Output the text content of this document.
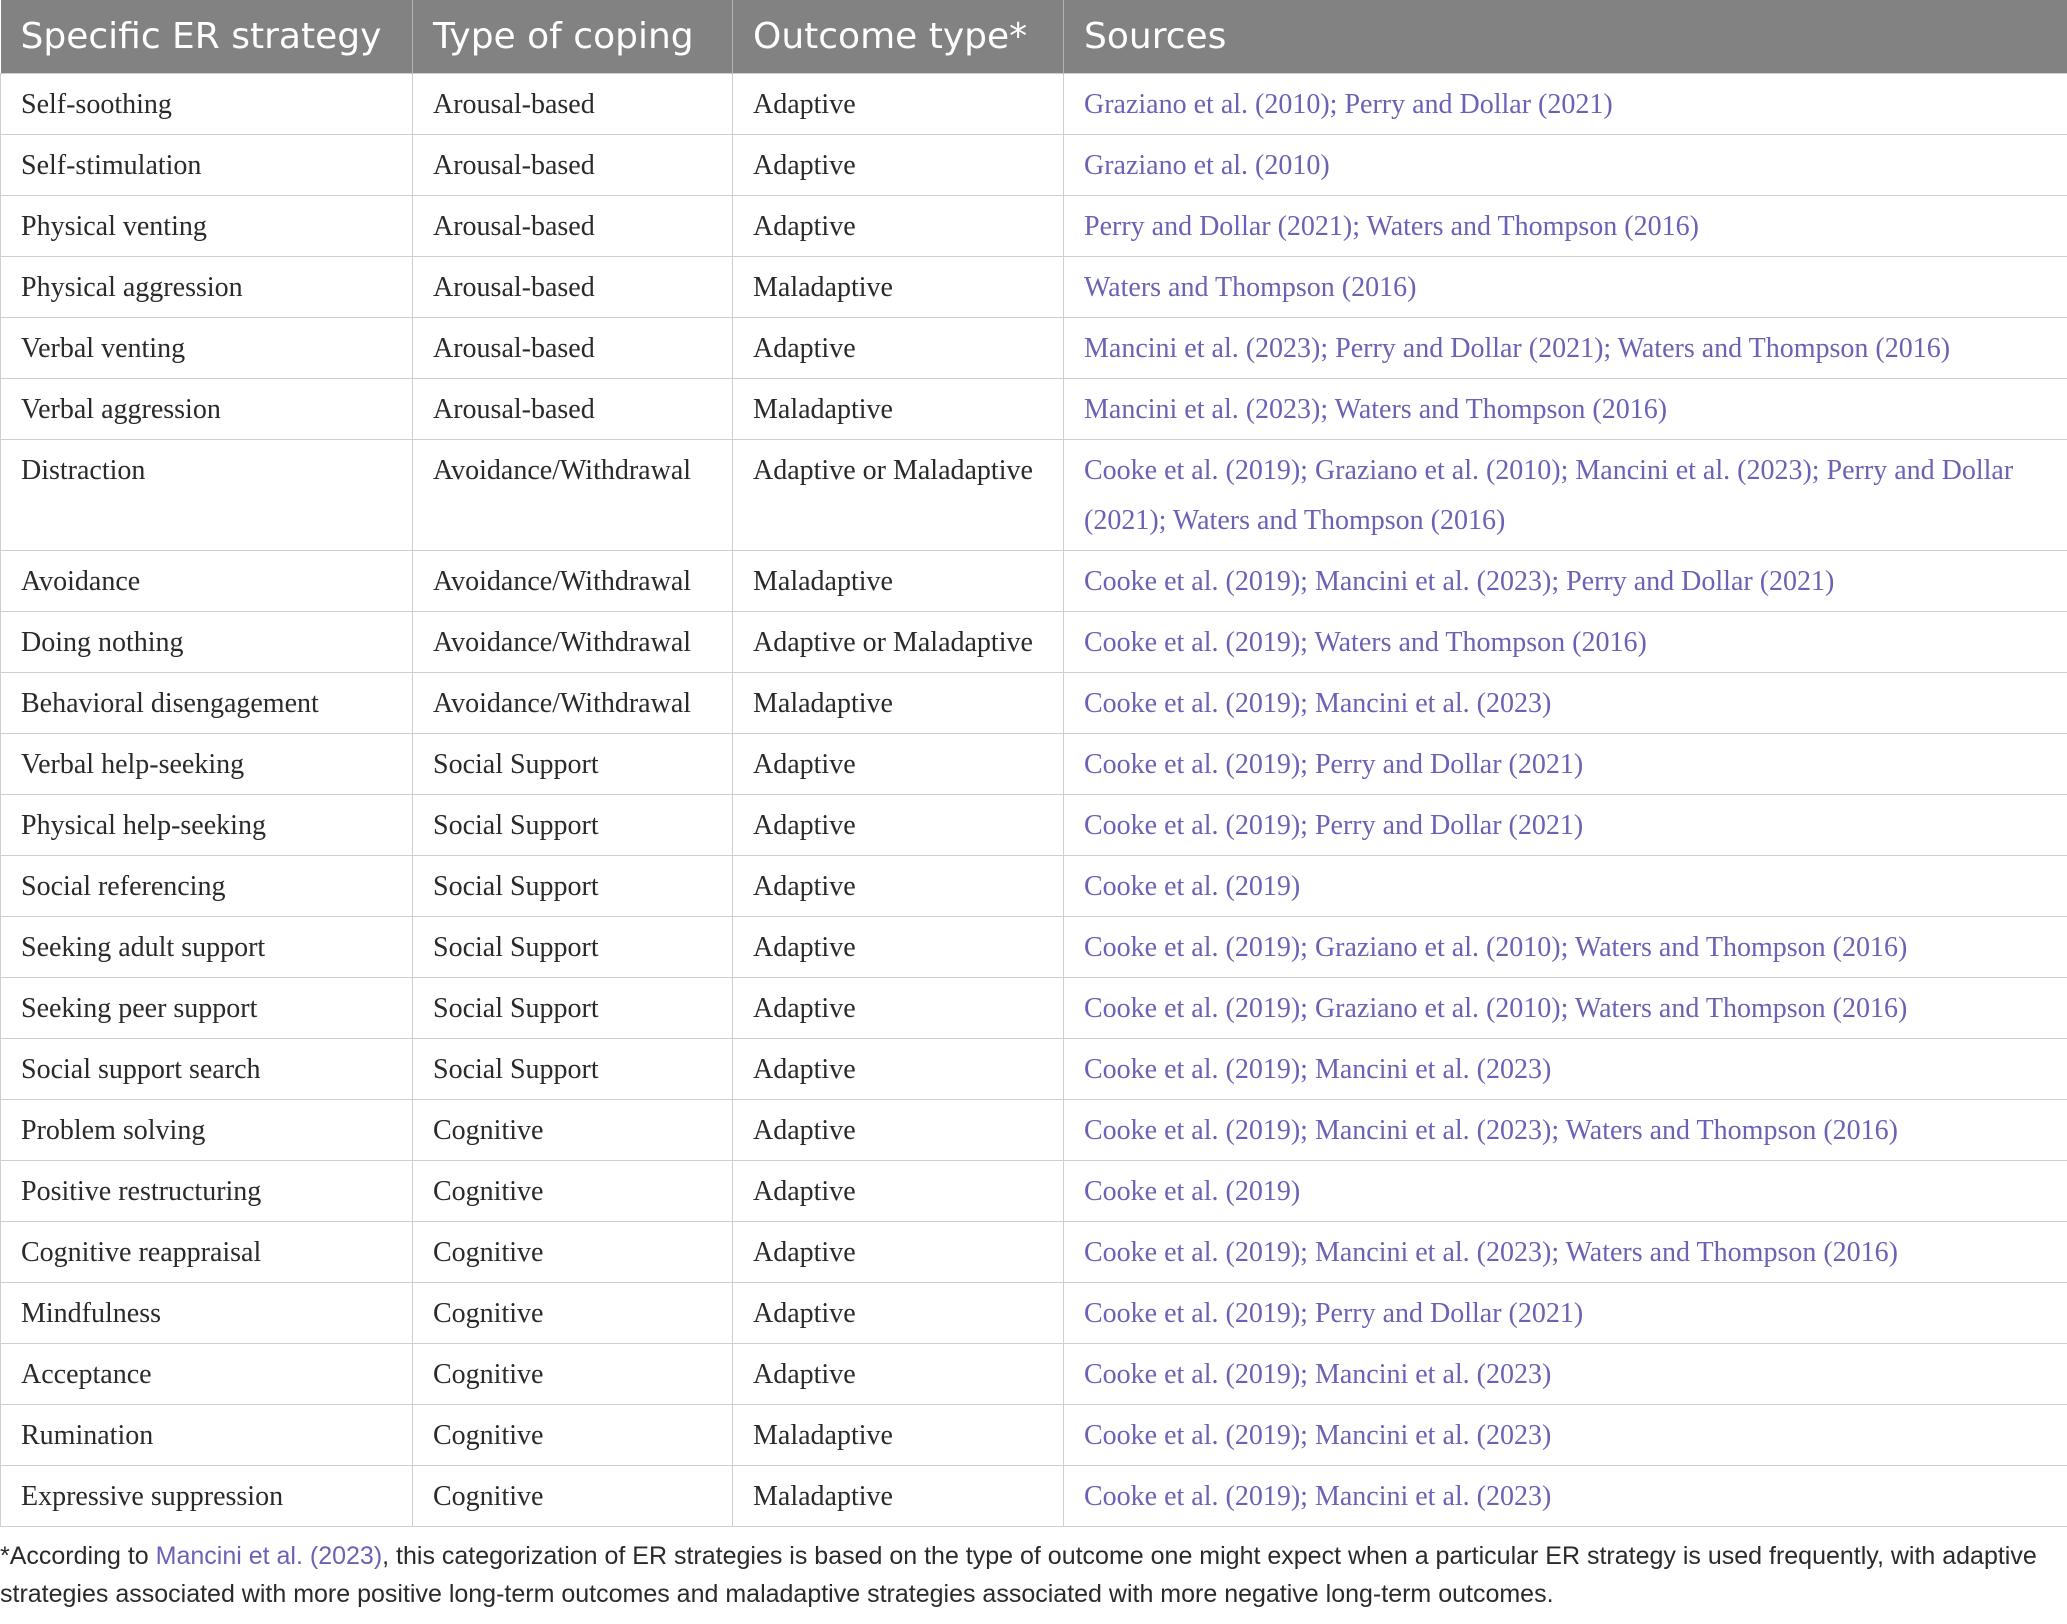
Specific ER strategy	Type of coping	Outcome type*	Sources
Self-soothing	Arousal-based	Adaptive	Graziano et al. (2010); Perry and Dollar (2021)
Self-stimulation	Arousal-based	Adaptive	Graziano et al. (2010)
Physical venting	Arousal-based	Adaptive	Perry and Dollar (2021); Waters and Thompson (2016)
Physical aggression	Arousal-based	Maladaptive	Waters and Thompson (2016)
Verbal venting	Arousal-based	Adaptive	Mancini et al. (2023); Perry and Dollar (2021); Waters and Thompson (2016)
Verbal aggression	Arousal-based	Maladaptive	Mancini et al. (2023); Waters and Thompson (2016)
Distraction	Avoidance/Withdrawal	Adaptive or Maladaptive	Cooke et al. (2019); Graziano et al. (2010); Mancini et al. (2023); Perry and Dollar (2021); Waters and Thompson (2016)
Avoidance	Avoidance/Withdrawal	Maladaptive	Cooke et al. (2019); Mancini et al. (2023); Perry and Dollar (2021)
Doing nothing	Avoidance/Withdrawal	Adaptive or Maladaptive	Cooke et al. (2019); Waters and Thompson (2016)
Behavioral disengagement	Avoidance/Withdrawal	Maladaptive	Cooke et al. (2019); Mancini et al. (2023)
Verbal help-seeking	Social Support	Adaptive	Cooke et al. (2019); Perry and Dollar (2021)
Physical help-seeking	Social Support	Adaptive	Cooke et al. (2019); Perry and Dollar (2021)
Social referencing	Social Support	Adaptive	Cooke et al. (2019)
Seeking adult support	Social Support	Adaptive	Cooke et al. (2019); Graziano et al. (2010); Waters and Thompson (2016)
Seeking peer support	Social Support	Adaptive	Cooke et al. (2019); Graziano et al. (2010); Waters and Thompson (2016)
Social support search	Social Support	Adaptive	Cooke et al. (2019); Mancini et al. (2023)
Problem solving	Cognitive	Adaptive	Cooke et al. (2019); Mancini et al. (2023); Waters and Thompson (2016)
Positive restructuring	Cognitive	Adaptive	Cooke et al. (2019)
Cognitive reappraisal	Cognitive	Adaptive	Cooke et al. (2019); Mancini et al. (2023); Waters and Thompson (2016)
Mindfulness	Cognitive	Adaptive	Cooke et al. (2019); Perry and Dollar (2021)
Acceptance	Cognitive	Adaptive	Cooke et al. (2019); Mancini et al. (2023)
Rumination	Cognitive	Maladaptive	Cooke et al. (2019); Mancini et al. (2023)
Expressive suppression	Cognitive	Maladaptive	Cooke et al. (2019); Mancini et al. (2023)
*According to Mancini et al. (2023), this categorization of ER strategies is based on the type of outcome one might expect when a particular ER strategy is used frequently, with adaptive strategies associated with more positive long-term outcomes and maladaptive strategies associated with more negative long-term outcomes.
